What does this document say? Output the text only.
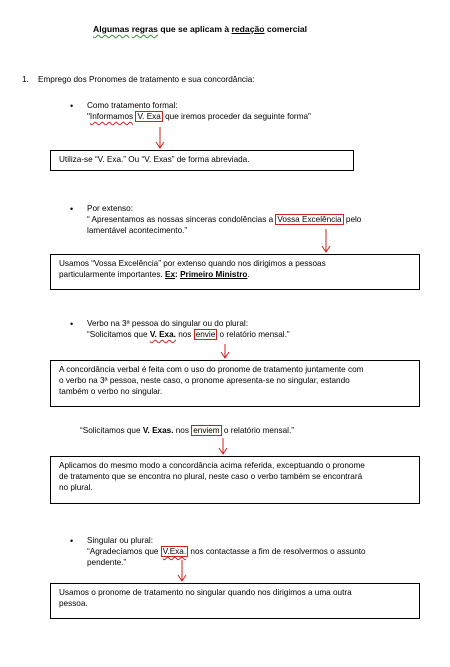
Algumas regras que se aplicam à redação comercial
1. Emprego dos Pronomes de tratamento e sua concordância:
• Como tratamento formal:
"Informamos V. Exa que iremos proceder da seguinte forma"
Utiliza-se “V. Exa.” Ou “V. Exas” de forma abreviada.
• Por extenso:
“ Apresentamos as nossas sinceras condolências a Vossa Excelência pelo
lamentável acontecimento.”
Usamos “Vossa Excelência” por extenso quando nos dirigimos a pessoas
particularmente importantes. Ex: Primeiro Ministro.
• Verbo na 3ª pessoa do singular ou do plural:
“Solicitamos que V. Exa. nos envie o relatório mensal.”
A concordância verbal é feita com o uso do pronome de tratamento juntamente com
o verbo na 3ª pessoa, neste caso, o pronome apresenta-se no singular, estando
também o verbo no singular.
“Solicitamos que V. Exas. nos enviem o relatório mensal.”
Aplicamos do mesmo modo a concordância acima referida, exceptuando o pronome
de tratamento que se encontra no plural, neste caso o verbo também se encontrará
no plural.
• Singular ou plural:
“Agradecíamos que V.Exa. nos contactasse a fim de resolvermos o assunto
pendente.”
Usamos o pronome de tratamento no singular quando nos dirigimos a uma outra
pessoa.
